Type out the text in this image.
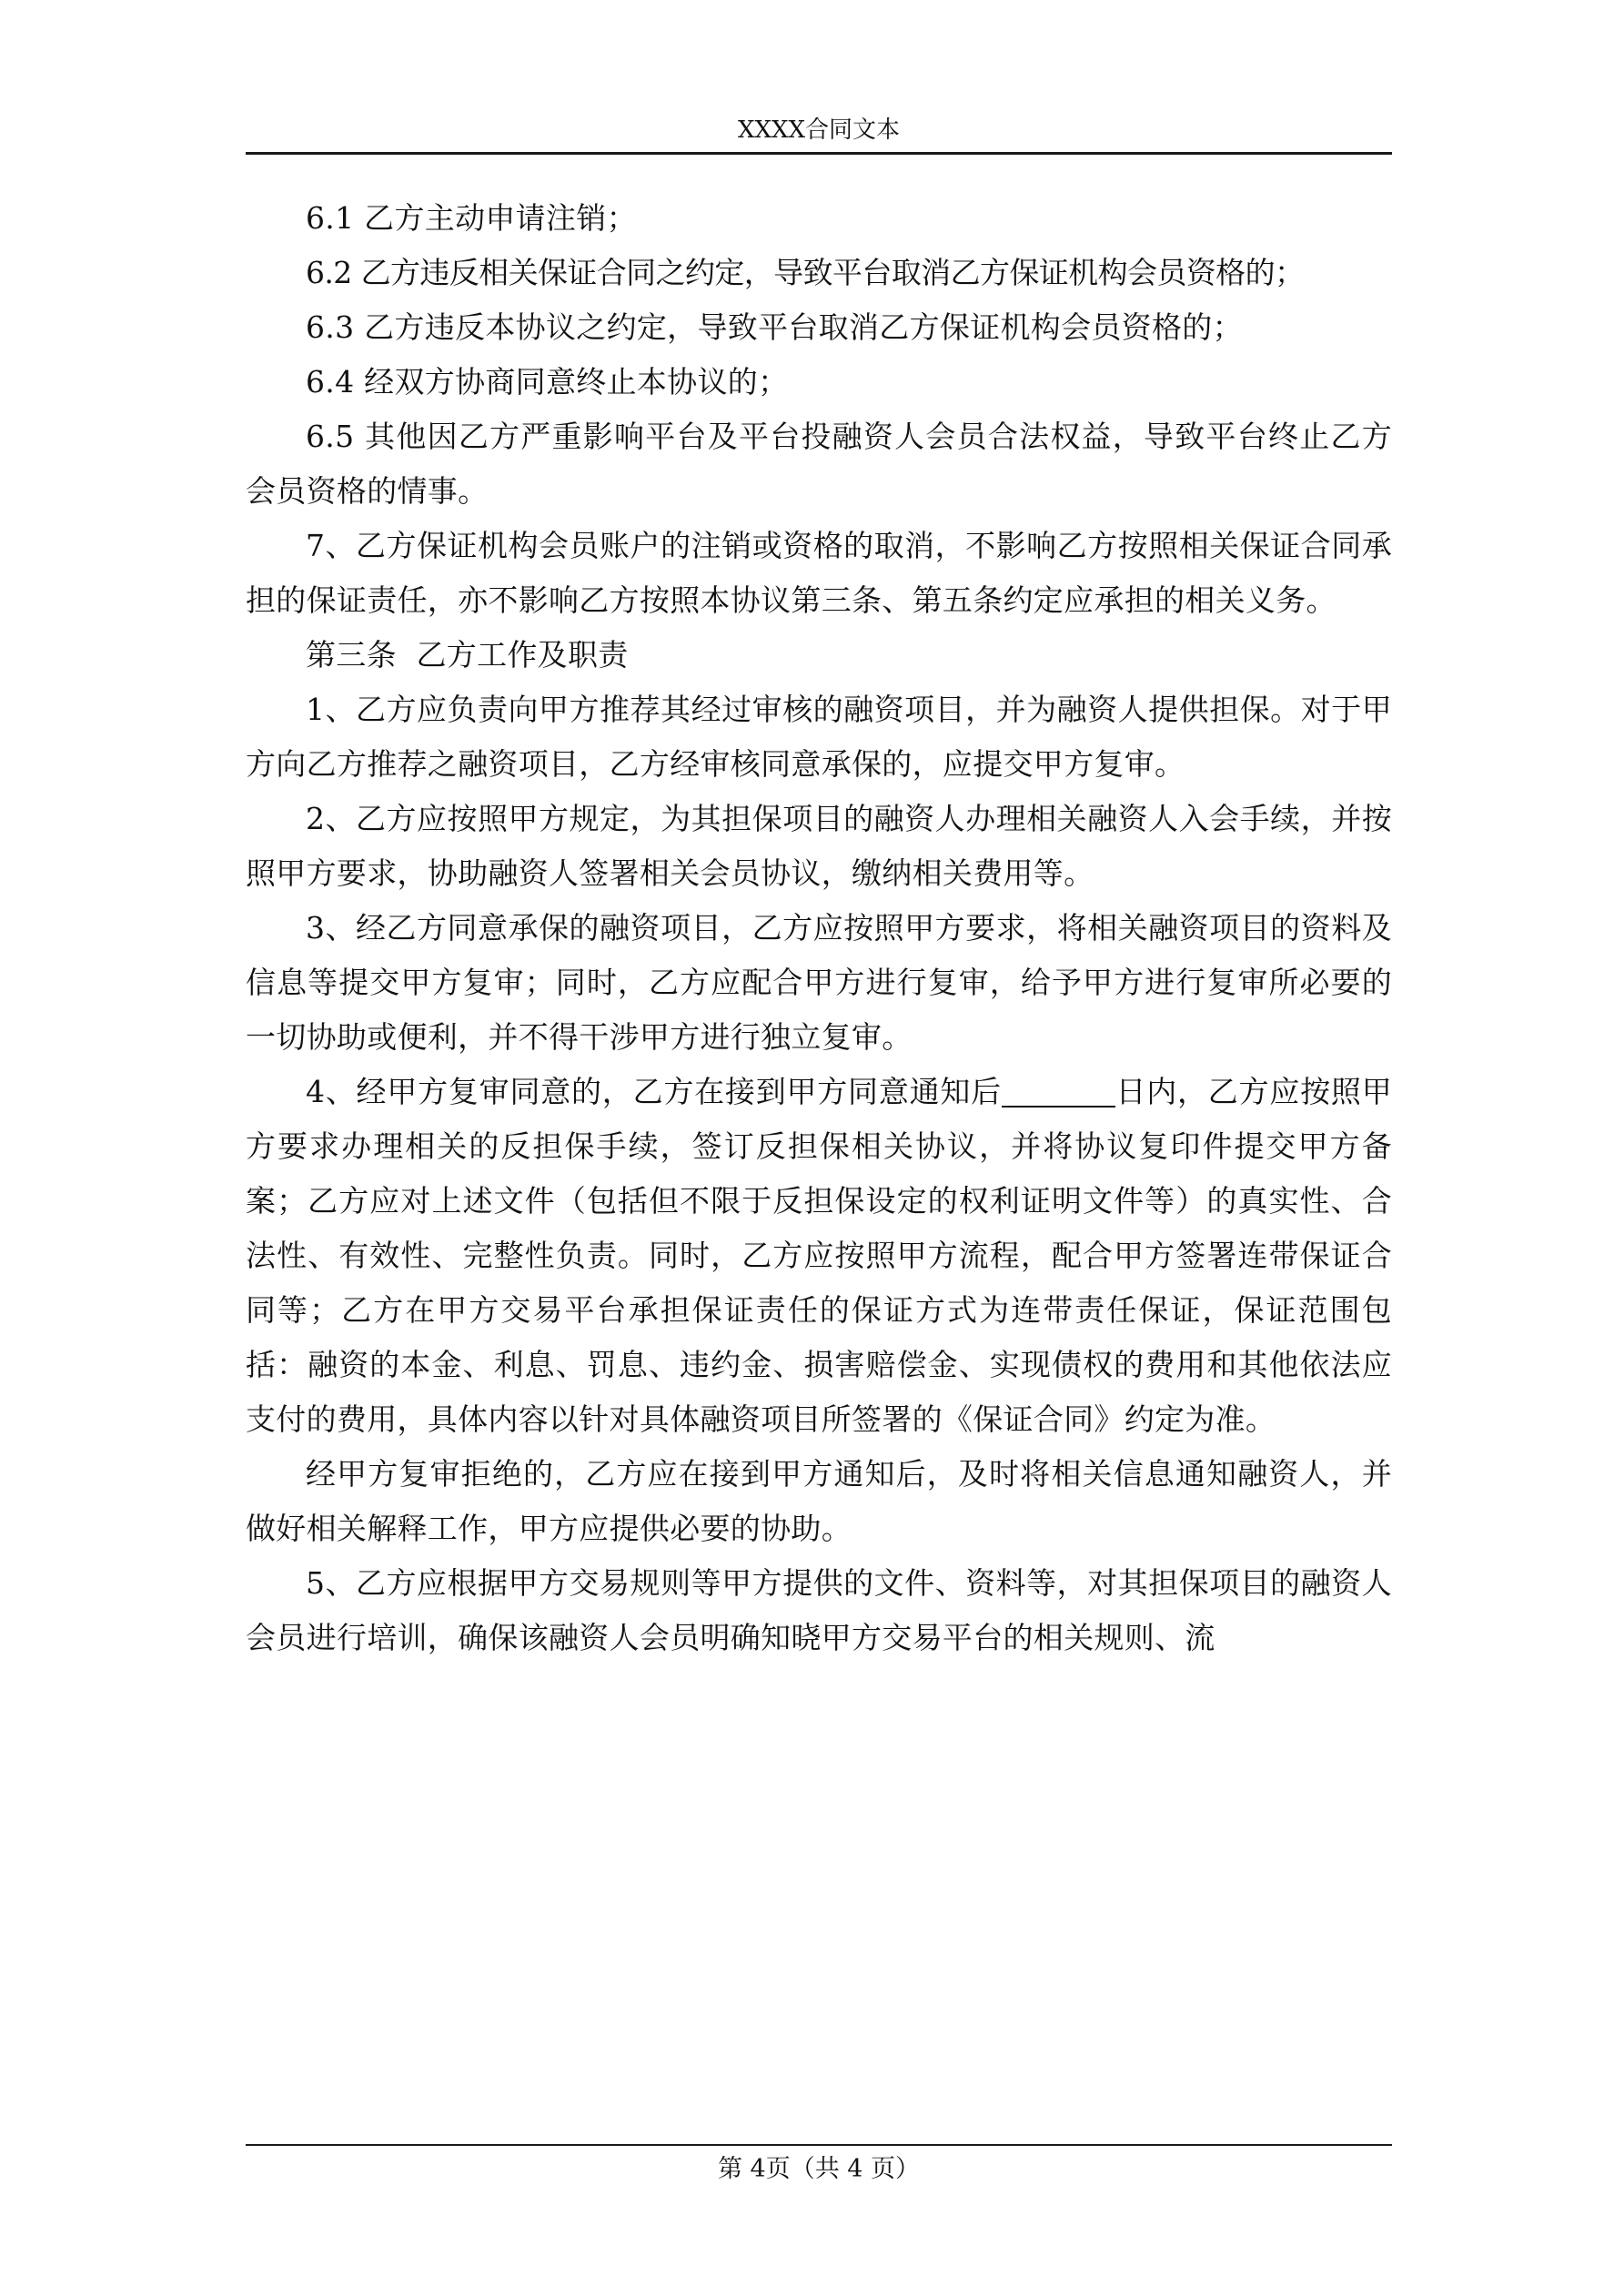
XXXX合同文本

6.1 乙方主动申请注销；

6.2 乙方违反相关保证合同之约定，导致平台取消乙方保证机构会员资格的；

6.3 乙方违反本协议之约定，导致平台取消乙方保证机构会员资格的；

6.4 经双方协商同意终止本协议的；

6.5 其他因乙方严重影响平台及平台投融资人会员合法权益，导致平台终止乙方会员资格的情事。

7、乙方保证机构会员账户的注销或资格的取消，不影响乙方按照相关保证合同承担的保证责任，亦不影响乙方按照本协议第三条、第五条约定应承担的相关义务。

第三条  乙方工作及职责

1、乙方应负责向甲方推荐其经过审核的融资项目，并为融资人提供担保。对于甲方向乙方推荐之融资项目，乙方经审核同意承保的，应提交甲方复审。

2、乙方应按照甲方规定，为其担保项目的融资人办理相关融资人入会手续，并按照甲方要求，协助融资人签署相关会员协议，缴纳相关费用等。

3、经乙方同意承保的融资项目，乙方应按照甲方要求，将相关融资项目的资料及信息等提交甲方复审；同时，乙方应配合甲方进行复审，给予甲方进行复审所必要的一切协助或便利，并不得干涉甲方进行独立复审。

4、经甲方复审同意的，乙方在接到甲方同意通知后	日内，乙方应按照甲方要求办理相关的反担保手续，签订反担保相关协议，并将协议复印件提交甲方备案；乙方应对上述文件（包括但不限于反担保设定的权利证明文件等）的真实性、合法性、有效性、完整性负责。同时，乙方应按照甲方流程，配合甲方签署连带保证合同等；乙方在甲方交易平台承担保证责任的保证方式为连带责任保证，保证范围包括：融资的本金、利息、罚息、违约金、损害赔偿金、实现债权的费用和其他依法应支付的费用，具体内容以针对具体融资项目所签署的《保证合同》约定为准。

经甲方复审拒绝的，乙方应在接到甲方通知后，及时将相关信息通知融资人，并做好相关解释工作，甲方应提供必要的协助。

5、乙方应根据甲方交易规则等甲方提供的文件、资料等，对其担保项目的融资人会员进行培训，确保该融资人会员明确知晓甲方交易平台的相关规则、流

第 4页（共 4 页）
